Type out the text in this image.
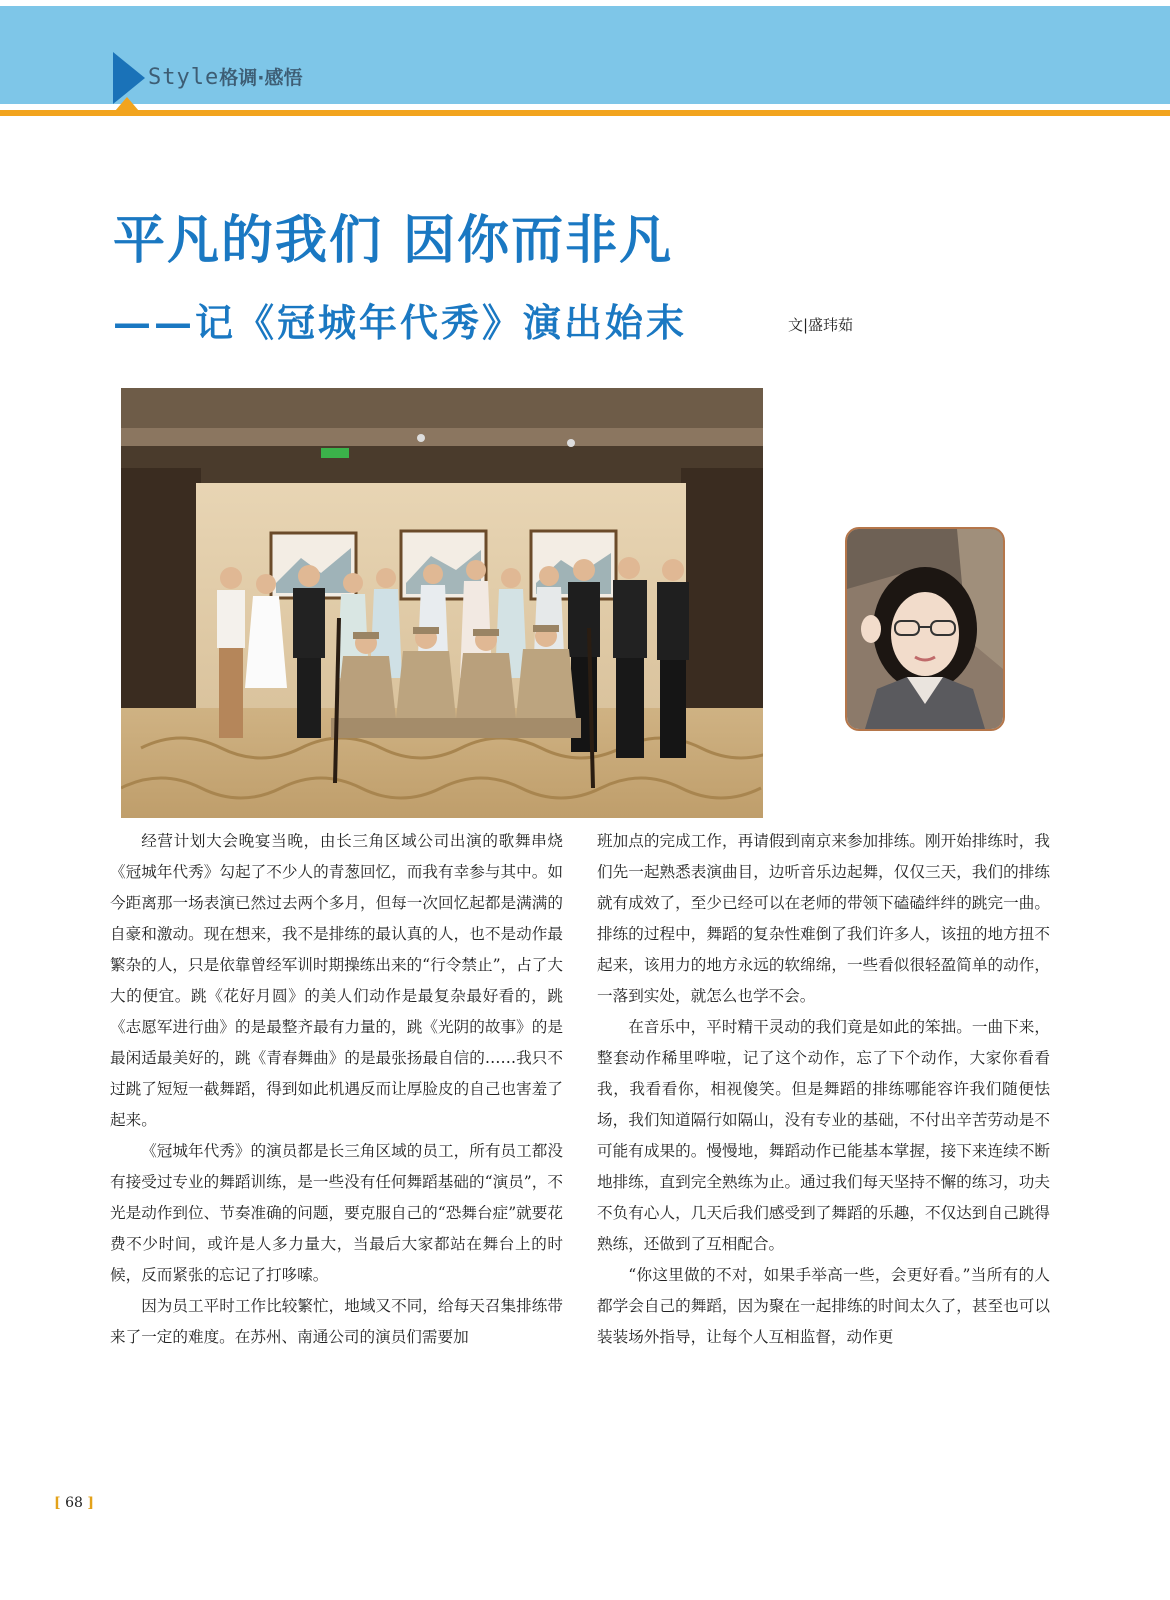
Style格调·感悟
平凡的我们 因你而非凡
——记《冠城年代秀》演出始末	文|盛玮茹

经营计划大会晚宴当晚，由长三角区域公司出演的歌舞串烧《冠城年代秀》勾起了不少人的青葱回忆，而我有幸参与其中。如今距离那一场表演已然过去两个多月，但每一次回忆起都是满满的自豪和激动。现在想来，我不是排练的最认真的人，也不是动作最繁杂的人，只是依靠曾经军训时期操练出来的“行令禁止”，占了大大的便宜。跳《花好月圆》的美人们动作是最复杂最好看的，跳《志愿军进行曲》的是最整齐最有力量的，跳《光阴的故事》的是最闲适最美好的，跳《青春舞曲》的是最张扬最自信的……我只不过跳了短短一截舞蹈，得到如此机遇反而让厚脸皮的自己也害羞了起来。

《冠城年代秀》的演员都是长三角区域的员工，所有员工都没有接受过专业的舞蹈训练，是一些没有任何舞蹈基础的“演员”，不光是动作到位、节奏准确的问题，要克服自己的“恐舞台症”就要花费不少时间，或许是人多力量大，当最后大家都站在舞台上的时候，反而紧张的忘记了打哆嗦。

因为员工平时工作比较繁忙，地域又不同，给每天召集排练带来了一定的难度。在苏州、南通公司的演员们需要加

班加点的完成工作，再请假到南京来参加排练。刚开始排练时，我们先一起熟悉表演曲目，边听音乐边起舞，仅仅三天，我们的排练就有成效了，至少已经可以在老师的带领下磕磕绊绊的跳完一曲。排练的过程中，舞蹈的复杂性难倒了我们许多人，该扭的地方扭不起来，该用力的地方永远的软绵绵，一些看似很轻盈简单的动作，一落到实处，就怎么也学不会。

在音乐中，平时精干灵动的我们竟是如此的笨拙。一曲下来，整套动作稀里哗啦，记了这个动作，忘了下个动作，大家你看看我，我看看你，相视傻笑。但是舞蹈的排练哪能容许我们随便怯场，我们知道隔行如隔山，没有专业的基础，不付出辛苦劳动是不可能有成果的。慢慢地，舞蹈动作已能基本掌握，接下来连续不断地排练，直到完全熟练为止。通过我们每天坚持不懈的练习，功夫不负有心人，几天后我们感受到了舞蹈的乐趣，不仅达到自己跳得熟练，还做到了互相配合。

“你这里做的不对，如果手举高一些，会更好看。”当所有的人都学会自己的舞蹈，因为聚在一起排练的时间太久了，甚至也可以装装场外指导，让每个人互相监督，动作更

[ 68 ]
